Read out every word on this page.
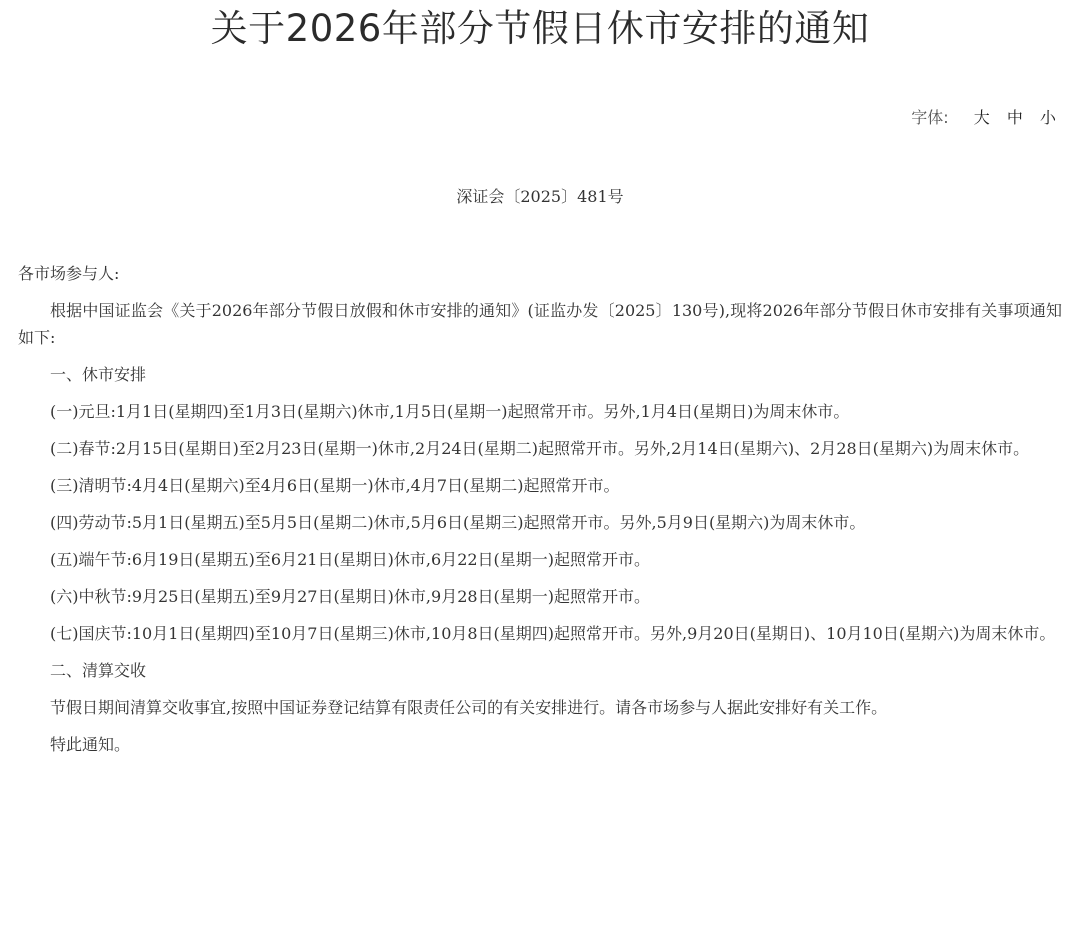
关于2026年部分节假日休市安排的通知
字体: 大 中 小
深证会〔2025〕481号

各市场参与人:

根据中国证监会《关于2026年部分节假日放假和休市安排的通知》(证监办发〔2025〕130号),现将2026年部分节假日休市安排有关事项通知如下:

一、休市安排

(一)元旦:1月1日(星期四)至1月3日(星期六)休市,1月5日(星期一)起照常开市。另外,1月4日(星期日)为周末休市。

(二)春节:2月15日(星期日)至2月23日(星期一)休市,2月24日(星期二)起照常开市。另外,2月14日(星期六)、2月28日(星期六)为周末休市。

(三)清明节:4月4日(星期六)至4月6日(星期一)休市,4月7日(星期二)起照常开市。

(四)劳动节:5月1日(星期五)至5月5日(星期二)休市,5月6日(星期三)起照常开市。另外,5月9日(星期六)为周末休市。

(五)端午节:6月19日(星期五)至6月21日(星期日)休市,6月22日(星期一)起照常开市。

(六)中秋节:9月25日(星期五)至9月27日(星期日)休市,9月28日(星期一)起照常开市。

(七)国庆节:10月1日(星期四)至10月7日(星期三)休市,10月8日(星期四)起照常开市。另外,9月20日(星期日)、10月10日(星期六)为周末休市。

二、清算交收

节假日期间清算交收事宜,按照中国证券登记结算有限责任公司的有关安排进行。请各市场参与人据此安排好有关工作。

特此通知。
